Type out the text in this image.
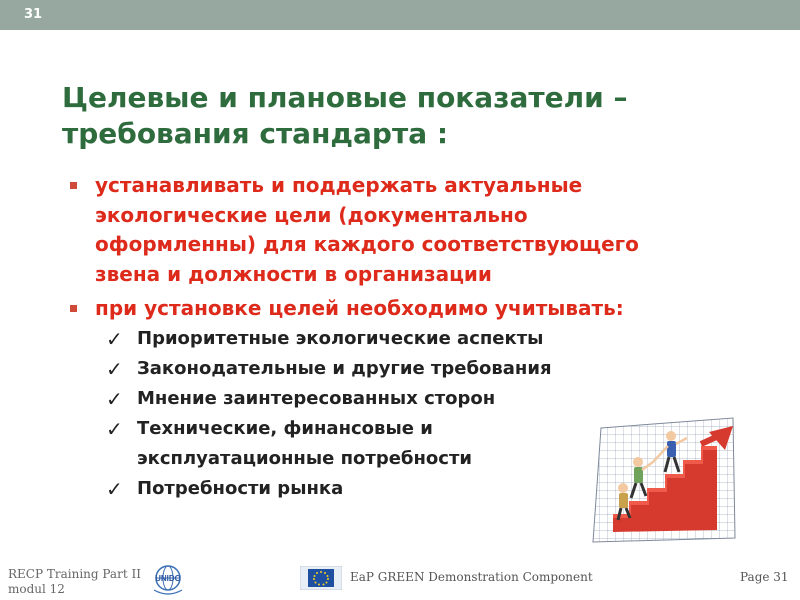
31
Целевые и плановые показатели –
требования стандарта :
устанавливать и поддержать актуальные
экологические цели (документально
оформленны) для каждого соответствующего
звена и должности в организации
при установке целей необходимо учитывать:
✓ Приоритетные экологические аспекты
✓ Законодательные и другие требования
✓ Мнение заинтересованных сторон
✓ Технические, финансовые и
эксплуатационные потребности
✓ Потребности рынка
RECP Training Part II
modul 12
UNIDO	EaP GREEN Demonstration Component	Page 31
